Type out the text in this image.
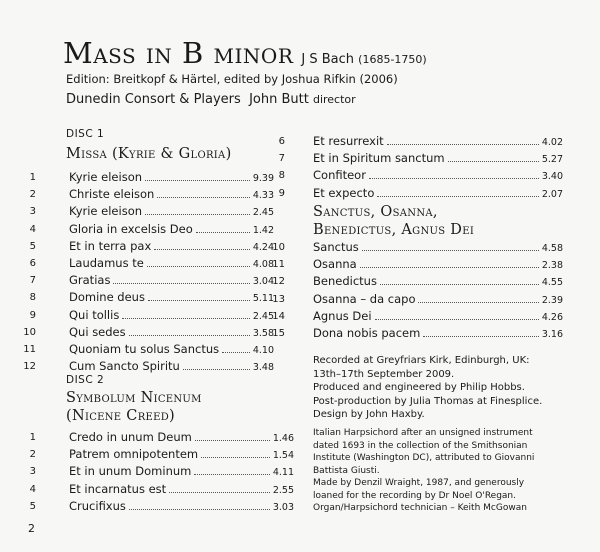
Mass in B minor J S Bach (1685-1750)
Edition: Breitkopf & Härtel, edited by Joshua Rifkin (2006)
Dunedin Consort & Players John Butt director
DISC 1
Missa (Kyrie & Gloria)
1	Kyrie eleison	9.39
2	Christe eleison	4.33
3	Kyrie eleison	2.45
4	Gloria in excelsis Deo	1.42
5	Et in terra pax	4.24
6	Laudamus te	4.08
7	Gratias	3.04
8	Domine deus	5.11
9	Qui tollis	2.45
10	Qui sedes	3.58
11	Quoniam tu solus Sanctus	4.10
12	Cum Sancto Spiritu	3.48
DISC 2
Symbolum Nicenum
(Nicene Creed)
1	Credo in unum Deum	1.46
2	Patrem omnipotentem	1.54
3	Et in unum Dominum	4.11
4	Et incarnatus est	2.55
5	Crucifixus	3.03
6 Et resurrexit	4.02
7 Et in Spiritum sanctum	5.27
8 Confiteor	3.40
9 Et expecto	2.07
Sanctus, Osanna,
Benedictus, Agnus Dei
10 Sanctus	4.58
11 Osanna	2.38
12 Benedictus	4.55
13 Osanna – da capo	2.39
14 Agnus Dei	4.26
15 Dona nobis pacem	3.16

Recorded at Greyfriars Kirk, Edinburgh, UK:

13th–17th September 2009.

Produced and engineered by Philip Hobbs.

Post-production by Julia Thomas at Finesplice.

Design by John Haxby.

Italian Harpsichord after an unsigned instrument

dated 1693 in the collection of the Smithsonian

Institute (Washington DC), attributed to Giovanni

Battista Giusti.

Made by Denzil Wraight, 1987, and generously

loaned for the recording by Dr Noel O'Regan.

Organ/Harpsichord technician – Keith McGowan

2
